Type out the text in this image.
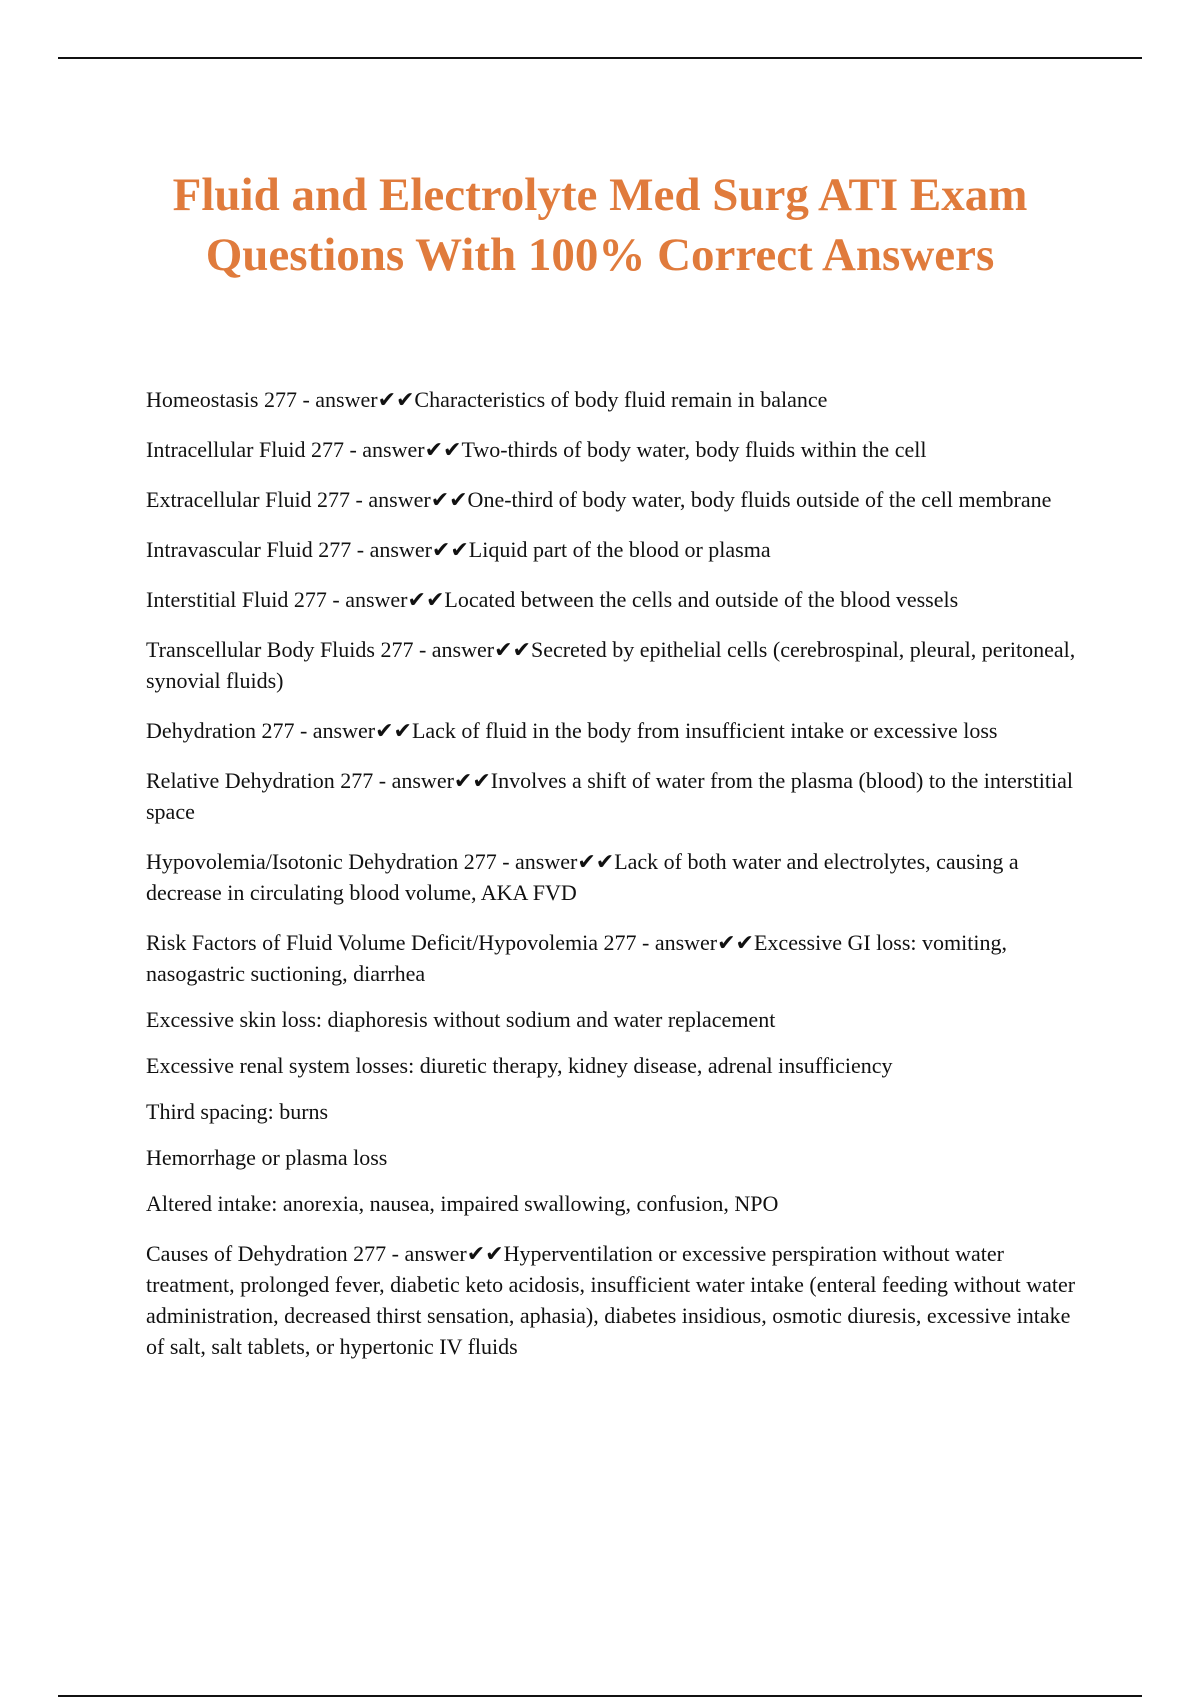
Fluid and Electrolyte Med Surg ATI Exam
Questions With 100% Correct Answers

Homeostasis 277 - answer✔✔Characteristics of body fluid remain in balance

Intracellular Fluid 277 - answer✔✔Two-thirds of body water, body fluids within the cell

Extracellular Fluid 277 - answer✔✔One-third of body water, body fluids outside of the cell membrane

Intravascular Fluid 277 - answer✔✔Liquid part of the blood or plasma

Interstitial Fluid 277 - answer✔✔Located between the cells and outside of the blood vessels

Transcellular Body Fluids 277 - answer✔✔Secreted by epithelial cells (cerebrospinal, pleural, peritoneal, synovial fluids)

Dehydration 277 - answer✔✔Lack of fluid in the body from insufficient intake or excessive loss

Relative Dehydration 277 - answer✔✔Involves a shift of water from the plasma (blood) to the interstitial space

Hypovolemia/Isotonic Dehydration 277 - answer✔✔Lack of both water and electrolytes, causing a decrease in circulating blood volume, AKA FVD

Risk Factors of Fluid Volume Deficit/Hypovolemia 277 - answer✔✔Excessive GI loss: vomiting, nasogastric suctioning, diarrhea

Excessive skin loss: diaphoresis without sodium and water replacement

Excessive renal system losses: diuretic therapy, kidney disease, adrenal insufficiency

Third spacing: burns

Hemorrhage or plasma loss

Altered intake: anorexia, nausea, impaired swallowing, confusion, NPO

Causes of Dehydration 277 - answer✔✔Hyperventilation or excessive perspiration without water treatment, prolonged fever, diabetic keto acidosis, insufficient water intake (enteral feeding without water administration, decreased thirst sensation, aphasia), diabetes insidious, osmotic diuresis, excessive intake of salt, salt tablets, or hypertonic IV fluids
